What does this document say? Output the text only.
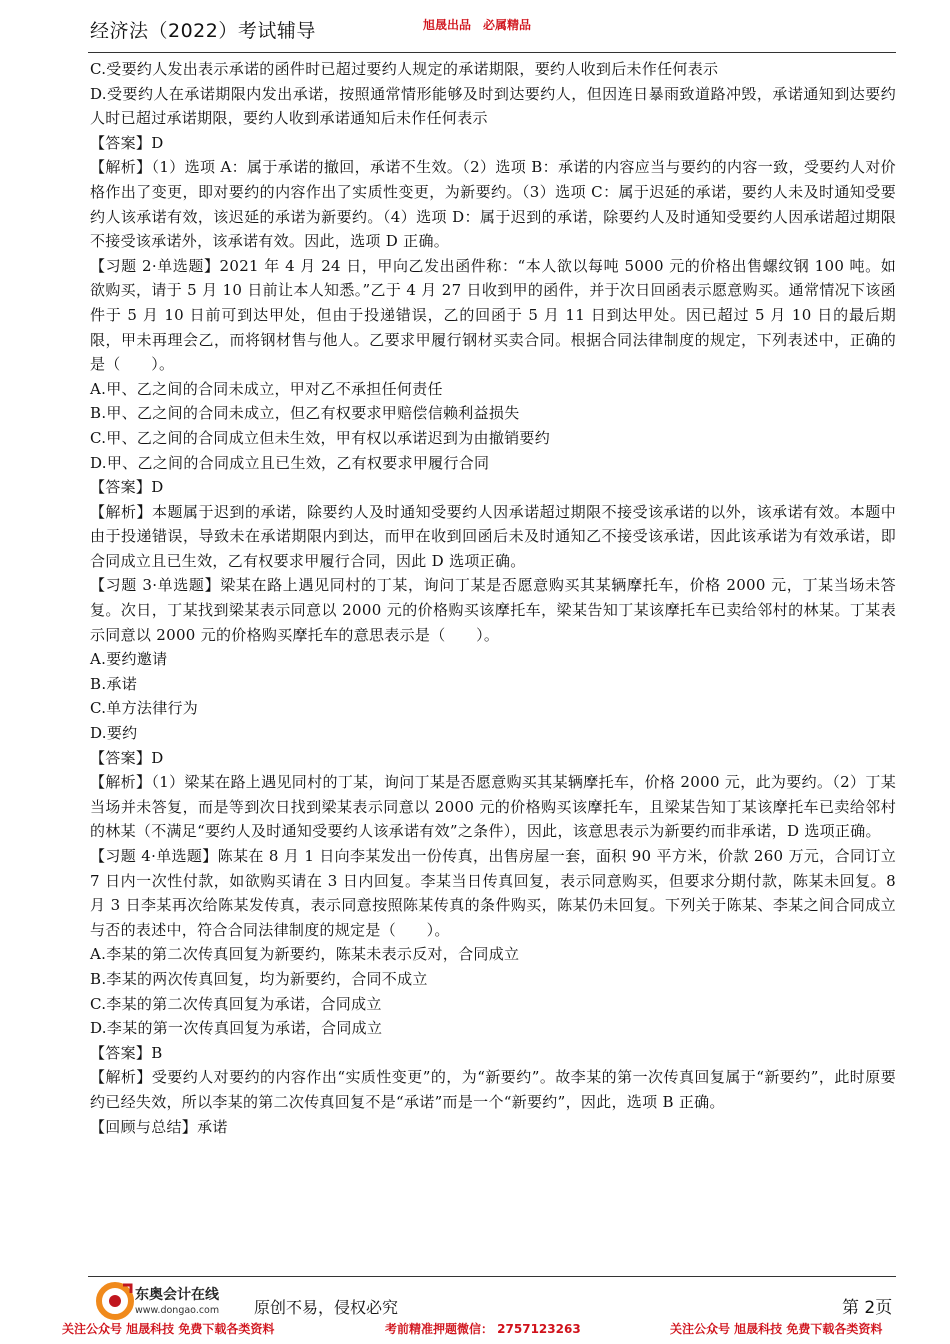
经济法（2022）考试辅导	旭晟出品　必属精品

C.受要约人发出表示承诺的函件时已超过要约人规定的承诺期限，要约人收到后未作任何表示

D.受要约人在承诺期限内发出承诺，按照通常情形能够及时到达要约人，但因连日暴雨致道路冲毁，承诺通知到达要约人时已超过承诺期限，要约人收到承诺通知后未作任何表示

【答案】D

【解析】（1）选项 A：属于承诺的撤回，承诺不生效。（2）选项 B：承诺的内容应当与要约的内容一致，受要约人对价格作出了变更，即对要约的内容作出了实质性变更，为新要约。（3）选项 C：属于迟延的承诺，要约人未及时通知受要约人该承诺有效，该迟延的承诺为新要约。（4）选项 D：属于迟到的承诺，除要约人及时通知受要约人因承诺超过期限不接受该承诺外，该承诺有效。因此，选项 D 正确。

【习题 2·单选题】2021 年 4 月 24 日，甲向乙发出函件称：“本人欲以每吨 5000 元的价格出售螺纹钢 100 吨。如欲购买，请于 5 月 10 日前让本人知悉。”乙于 4 月 27 日收到甲的函件，并于次日回函表示愿意购买。通常情况下该函件于 5 月 10 日前可到达甲处，但由于投递错误，乙的回函于 5 月 11 日到达甲处。因已超过 5 月 10 日的最后期限，甲未再理会乙，而将钢材售与他人。乙要求甲履行钢材买卖合同。根据合同法律制度的规定，下列表述中，正确的是（　　）。

A.甲、乙之间的合同未成立，甲对乙不承担任何责任

B.甲、乙之间的合同未成立，但乙有权要求甲赔偿信赖利益损失

C.甲、乙之间的合同成立但未生效，甲有权以承诺迟到为由撤销要约

D.甲、乙之间的合同成立且已生效，乙有权要求甲履行合同

【答案】D

【解析】本题属于迟到的承诺，除要约人及时通知受要约人因承诺超过期限不接受该承诺的以外，该承诺有效。本题中由于投递错误，导致未在承诺期限内到达，而甲在收到回函后未及时通知乙不接受该承诺，因此该承诺为有效承诺，即合同成立且已生效，乙有权要求甲履行合同，因此 D 选项正确。

【习题 3·单选题】梁某在路上遇见同村的丁某，询问丁某是否愿意购买其某辆摩托车，价格 2000 元，丁某当场未答复。次日，丁某找到梁某表示同意以 2000 元的价格购买该摩托车，梁某告知丁某该摩托车已卖给邻村的林某。丁某表示同意以 2000 元的价格购买摩托车的意思表示是（　　）。

A.要约邀请

B.承诺

C.单方法律行为

D.要约

【答案】D

【解析】（1）梁某在路上遇见同村的丁某，询问丁某是否愿意购买其某辆摩托车，价格 2000 元，此为要约。（2）丁某当场并未答复，而是等到次日找到梁某表示同意以 2000 元的价格购买该摩托车，且梁某告知丁某该摩托车已卖给邻村的林某（不满足“要约人及时通知受要约人该承诺有效”之条件），因此，该意思表示为新要约而非承诺，D 选项正确。

【习题 4·单选题】陈某在 8 月 1 日向李某发出一份传真，出售房屋一套，面积 90 平方米，价款 260 万元，合同订立 7 日内一次性付款，如欲购买请在 3 日内回复。李某当日传真回复，表示同意购买，但要求分期付款，陈某未回复。8 月 3 日李某再次给陈某发传真，表示同意按照陈某传真的条件购买，陈某仍未回复。下列关于陈某、李某之间合同成立与否的表述中，符合合同法律制度的规定是（　　）。

A.李某的第二次传真回复为新要约，陈某未表示反对，合同成立

B.李某的两次传真回复，均为新要约，合同不成立

C.李某的第二次传真回复为承诺，合同成立

D.李某的第一次传真回复为承诺，合同成立

【答案】B

【解析】受要约人对要约的内容作出“实质性变更”的，为“新要约”。故李某的第一次传真回复属于“新要约”，此时原要约已经失效，所以李某的第二次传真回复不是“承诺”而是一个“新要约”，因此，选项 B 正确。

【回顾与总结】承诺

东奥会计在线
www.dongao.com 原创不易，侵权必究	第 2页
关注公众号 旭晟科技 免费下载各类资料	考前精准押题微信： 2757123263	关注公众号 旭晟科技 免费下载各类资料
